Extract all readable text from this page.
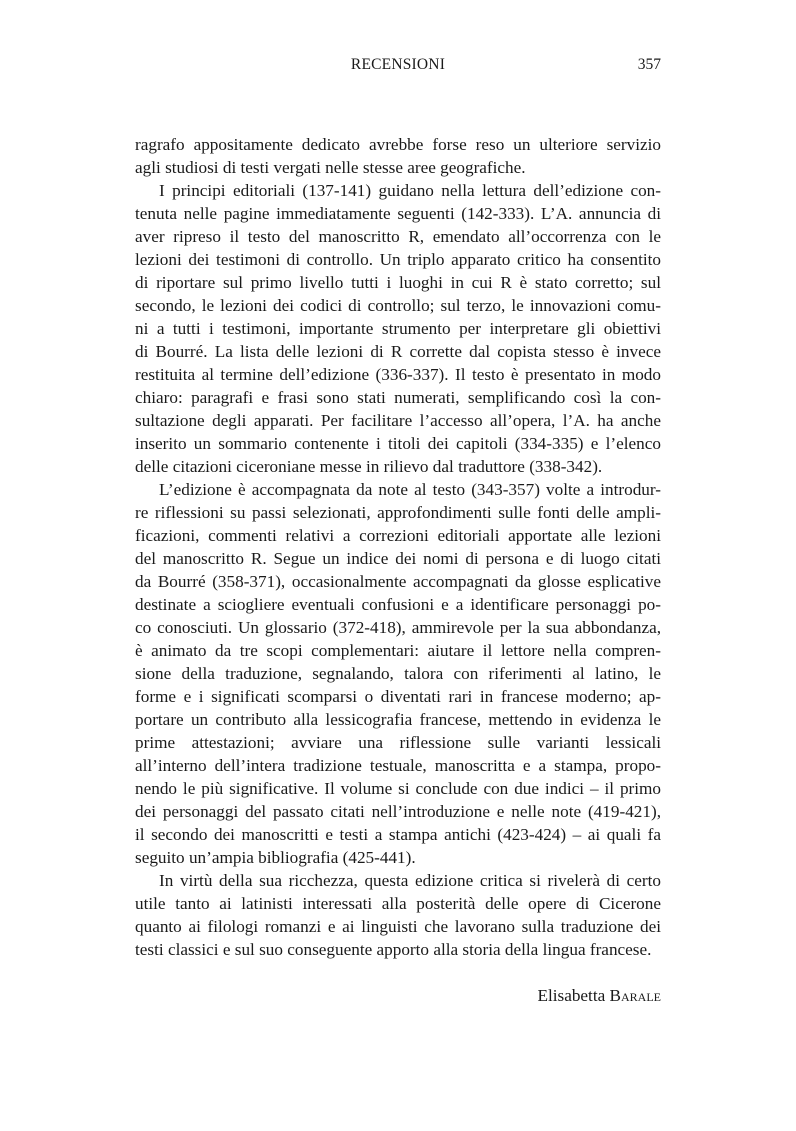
RECENSIONI	357
ragrafo appositamente dedicato avrebbe forse reso un ulteriore servizio
agli studiosi di testi vergati nelle stesse aree geografiche.
I principi editoriali (137-141) guidano nella lettura dell’edizione con-
tenuta nelle pagine immediatamente seguenti (142-333). L’A. annuncia di
aver ripreso il testo del manoscritto R, emendato all’occorrenza con le
lezioni dei testimoni di controllo. Un triplo apparato critico ha consentito
di riportare sul primo livello tutti i luoghi in cui R è stato corretto; sul
secondo, le lezioni dei codici di controllo; sul terzo, le innovazioni comu-
ni a tutti i testimoni, importante strumento per interpretare gli obiettivi
di Bourré. La lista delle lezioni di R corrette dal copista stesso è invece
restituita al termine dell’edizione (336-337). Il testo è presentato in modo
chiaro: paragrafi e frasi sono stati numerati, semplificando così la con-
sultazione degli apparati. Per facilitare l’accesso all’opera, l’A. ha anche
inserito un sommario contenente i titoli dei capitoli (334-335) e l’elenco
delle citazioni ciceroniane messe in rilievo dal traduttore (338-342).
L’edizione è accompagnata da note al testo (343-357) volte a introdur-
re riflessioni su passi selezionati, approfondimenti sulle fonti delle ampli-
ficazioni, commenti relativi a correzioni editoriali apportate alle lezioni
del manoscritto R. Segue un indice dei nomi di persona e di luogo citati
da Bourré (358-371), occasionalmente accompagnati da glosse esplicative
destinate a sciogliere eventuali confusioni e a identificare personaggi po-
co conosciuti. Un glossario (372-418), ammirevole per la sua abbondanza,
è animato da tre scopi complementari: aiutare il lettore nella compren-
sione della traduzione, segnalando, talora con riferimenti al latino, le
forme e i significati scomparsi o diventati rari in francese moderno; ap-
portare un contributo alla lessicografia francese, mettendo in evidenza le
prime attestazioni; avviare una riflessione sulle varianti lessicali
all’interno dell’intera tradizione testuale, manoscritta e a stampa, propo-
nendo le più significative. Il volume si conclude con due indici – il primo
dei personaggi del passato citati nell’introduzione e nelle note (419-421),
il secondo dei manoscritti e testi a stampa antichi (423-424) – ai quali fa
seguito un’ampia bibliografia (425-441).
In virtù della sua ricchezza, questa edizione critica si rivelerà di certo
utile tanto ai latinisti interessati alla posterità delle opere di Cicerone
quanto ai filologi romanzi e ai linguisti che lavorano sulla traduzione dei
testi classici e sul suo conseguente apporto alla storia della lingua francese.
Elisabetta Barale
